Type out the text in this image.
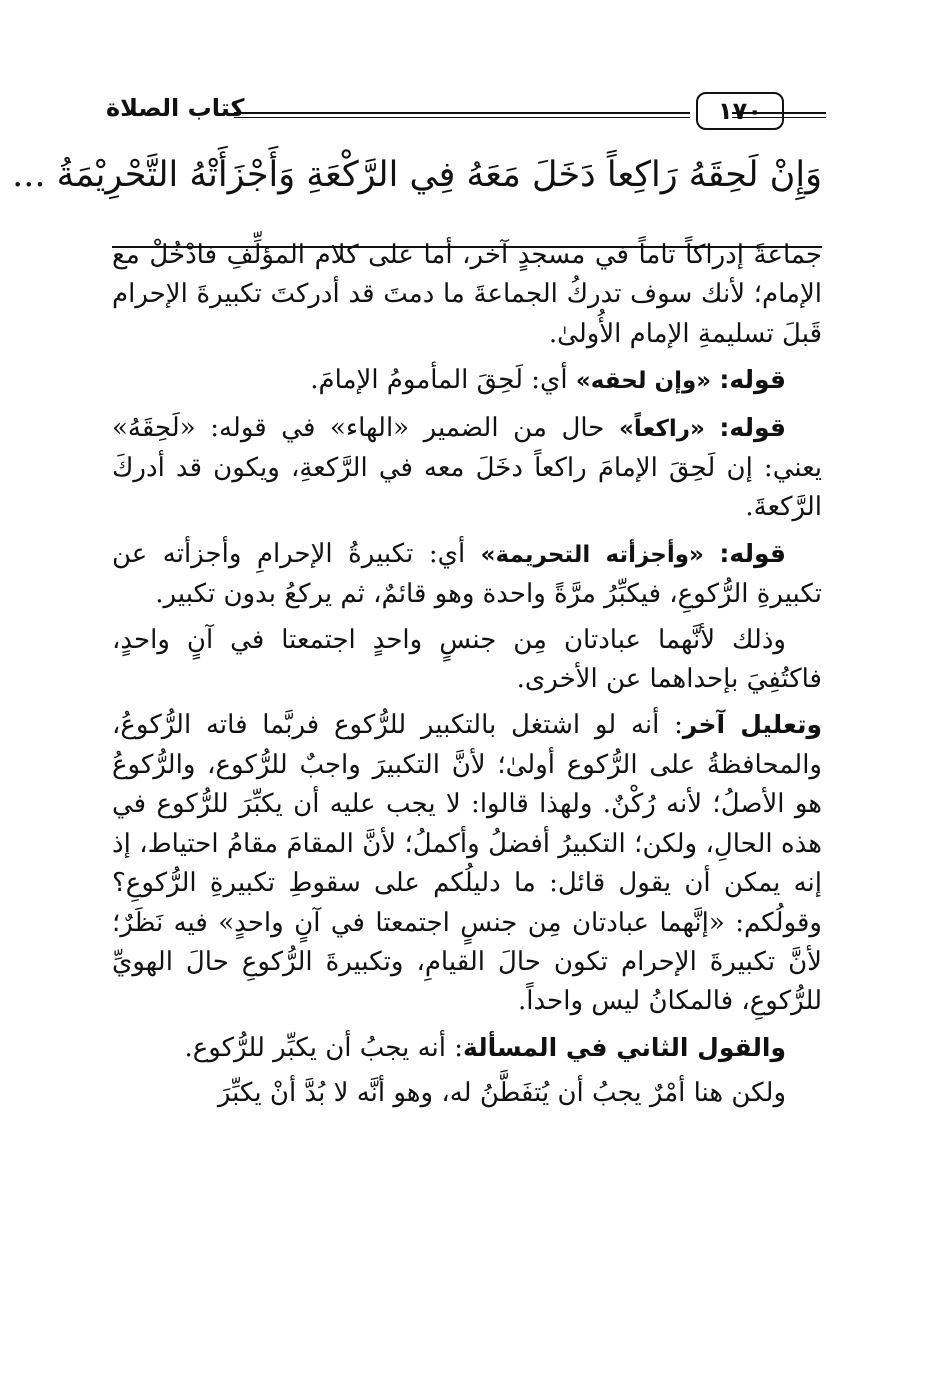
كتاب الصلاة	١٧٠
وَإِنْ لَحِقَهُ رَاكِعاً دَخَلَ مَعَهُ فِي الرَّكْعَةِ وَأَجْزَأَتْهُ التَّحْرِيْمَةُ ...

جماعةً إدراكاً تاماً في مسجدٍ آخر، أما على كلام المؤلِّفِ فادْخُلْ مع الإمام؛ لأنك سوف تدركُ الجماعةَ ما دمتَ قد أدركتَ تكبيرةَ الإحرام قَبلَ تسليمةِ الإمام الأُولىٰ.

قوله: «وإن لحقه» أي: لَحِقَ المأمومُ الإمامَ.

قوله: «راكعاً» حال من الضمير «الهاء» في قوله: «لَحِقَهُ» يعني: إن لَحِقَ الإمامَ راكعاً دخَلَ معه في الرَّكعةِ، ويكون قد أدركَ الرَّكعةَ.

قوله: «وأجزأته التحريمة» أي: تكبيرةُ الإحرامِ وأجزأته عن تكبيرةِ الرُّكوعِ، فيكبِّرُ مرَّةً واحدة وهو قائمٌ، ثم يركعُ بدون تكبير.

وذلك لأنَّهما عبادتان مِن جنسٍ واحدٍ اجتمعتا في آنٍ واحدٍ، فاكتُفِيَ بإحداهما عن الأخرى.

وتعليل آخر: أنه لو اشتغل بالتكبير للرُّكوع فربَّما فاته الرُّكوعُ، والمحافظةُ على الرُّكوع أولىٰ؛ لأنَّ التكبيرَ واجبٌ للرُّكوع، والرُّكوعُ هو الأصلُ؛ لأنه رُكْنٌ. ولهذا قالوا: لا يجب عليه أن يكبِّرَ للرُّكوع في هذه الحالِ، ولكن؛ التكبيرُ أفضلُ وأكملُ؛ لأنَّ المقامَ مقامُ احتياط، إذ إنه يمكن أن يقول قائل: ما دليلُكم على سقوطِ تكبيرةِ الرُّكوعِ؟ وقولُكم: «إنَّهما عبادتان مِن جنسٍ اجتمعتا في آنٍ واحدٍ» فيه نَظَرٌ؛ لأنَّ تكبيرةَ الإحرام تكون حالَ القيامِ، وتكبيرةَ الرُّكوعِ حالَ الهويِّ للرُّكوعِ، فالمكانُ ليس واحداً.

والقول الثاني في المسألة: أنه يجبُ أن يكبِّر للرُّكوع.

ولكن هنا أمْرٌ يجبُ أن يُتفَطَّنُ له، وهو أنَّه لا بُدَّ أنْ يكبِّرَ
